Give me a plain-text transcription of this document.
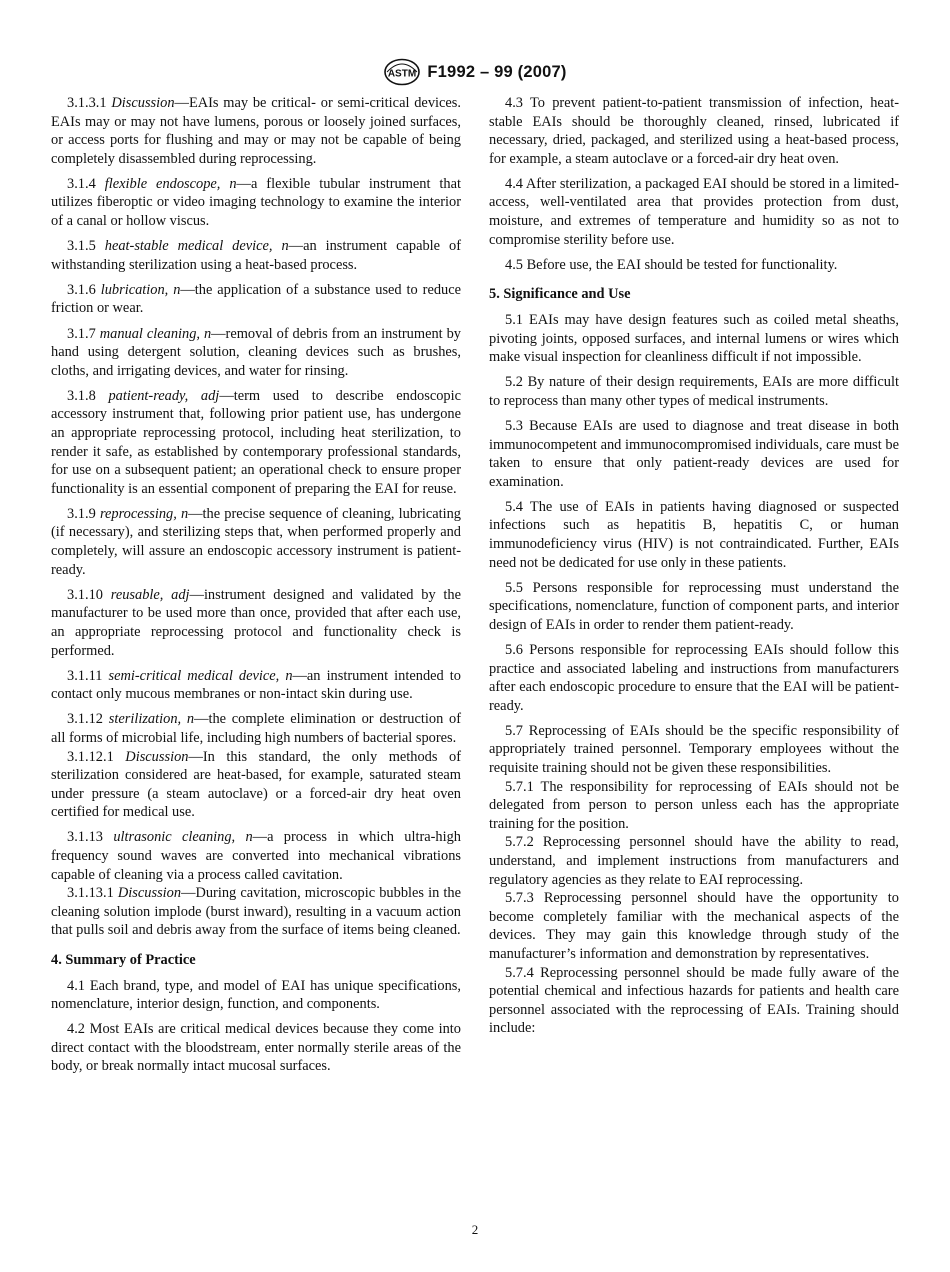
ASTM F1992 – 99 (2007)

3.1.3.1 Discussion—EAIs may be critical- or semi-critical devices. EAIs may or may not have lumens, porous or loosely joined surfaces, or access ports for flushing and may or may not be capable of being completely disassembled during reprocessing.

3.1.4 flexible endoscope, n—a flexible tubular instrument that utilizes fiberoptic or video imaging technology to examine the interior of a canal or hollow viscus.

3.1.5 heat-stable medical device, n—an instrument capable of withstanding sterilization using a heat-based process.

3.1.6 lubrication, n—the application of a substance used to reduce friction or wear.

3.1.7 manual cleaning, n—removal of debris from an instrument by hand using detergent solution, cleaning devices such as brushes, cloths, and irrigating devices, and water for rinsing.

3.1.8 patient-ready, adj—term used to describe endoscopic accessory instrument that, following prior patient use, has undergone an appropriate reprocessing protocol, including heat sterilization, to render it safe, as established by contemporary professional standards, for use on a subsequent patient; an operational check to ensure proper functionality is an essential component of preparing the EAI for reuse.

3.1.9 reprocessing, n—the precise sequence of cleaning, lubricating (if necessary), and sterilizing steps that, when performed properly and completely, will assure an endoscopic accessory instrument is patient-ready.

3.1.10 reusable, adj—instrument designed and validated by the manufacturer to be used more than once, provided that after each use, an appropriate reprocessing protocol and functionality check is performed.

3.1.11 semi-critical medical device, n—an instrument intended to contact only mucous membranes or non-intact skin during use.

3.1.12 sterilization, n—the complete elimination or destruction of all forms of microbial life, including high numbers of bacterial spores.

3.1.12.1 Discussion—In this standard, the only methods of sterilization considered are heat-based, for example, saturated steam under pressure (a steam autoclave) or a forced-air dry heat oven certified for medical use.

3.1.13 ultrasonic cleaning, n—a process in which ultra-high frequency sound waves are converted into mechanical vibrations capable of cleaning via a process called cavitation.

3.1.13.1 Discussion—During cavitation, microscopic bubbles in the cleaning solution implode (burst inward), resulting in a vacuum action that pulls soil and debris away from the surface of items being cleaned.

4. Summary of Practice

4.1 Each brand, type, and model of EAI has unique specifications, nomenclature, interior design, function, and components.

4.2 Most EAIs are critical medical devices because they come into direct contact with the bloodstream, enter normally sterile areas of the body, or break normally intact mucosal surfaces.

4.3 To prevent patient-to-patient transmission of infection, heat-stable EAIs should be thoroughly cleaned, rinsed, lubricated if necessary, dried, packaged, and sterilized using a heat-based process, for example, a steam autoclave or a forced-air dry heat oven.

4.4 After sterilization, a packaged EAI should be stored in a limited-access, well-ventilated area that provides protection from dust, moisture, and extremes of temperature and humidity so as not to compromise sterility before use.

4.5 Before use, the EAI should be tested for functionality.

5. Significance and Use

5.1 EAIs may have design features such as coiled metal sheaths, pivoting joints, opposed surfaces, and internal lumens or wires which make visual inspection for cleanliness difficult if not impossible.

5.2 By nature of their design requirements, EAIs are more difficult to reprocess than many other types of medical instruments.

5.3 Because EAIs are used to diagnose and treat disease in both immunocompetent and immunocompromised individuals, care must be taken to ensure that only patient-ready devices are used for examination.

5.4 The use of EAIs in patients having diagnosed or suspected infections such as hepatitis B, hepatitis C, or human immunodeficiency virus (HIV) is not contraindicated. Further, EAIs need not be dedicated for use only in these patients.

5.5 Persons responsible for reprocessing must understand the specifications, nomenclature, function of component parts, and interior design of EAIs in order to render them patient-ready.

5.6 Persons responsible for reprocessing EAIs should follow this practice and associated labeling and instructions from manufacturers after each endoscopic procedure to ensure that the EAI will be patient-ready.

5.7 Reprocessing of EAIs should be the specific responsibility of appropriately trained personnel. Temporary employees without the requisite training should not be given these responsibilities.

5.7.1 The responsibility for reprocessing of EAIs should not be delegated from person to person unless each has the appropriate training for the position.

5.7.2 Reprocessing personnel should have the ability to read, understand, and implement instructions from manufacturers and regulatory agencies as they relate to EAI reprocessing.

5.7.3 Reprocessing personnel should have the opportunity to become completely familiar with the mechanical aspects of the devices. They may gain this knowledge through study of the manufacturer’s information and demonstration by representatives.

5.7.4 Reprocessing personnel should be made fully aware of the potential chemical and infectious hazards for patients and health care personnel associated with the reprocessing of EAIs. Training should include:

2
